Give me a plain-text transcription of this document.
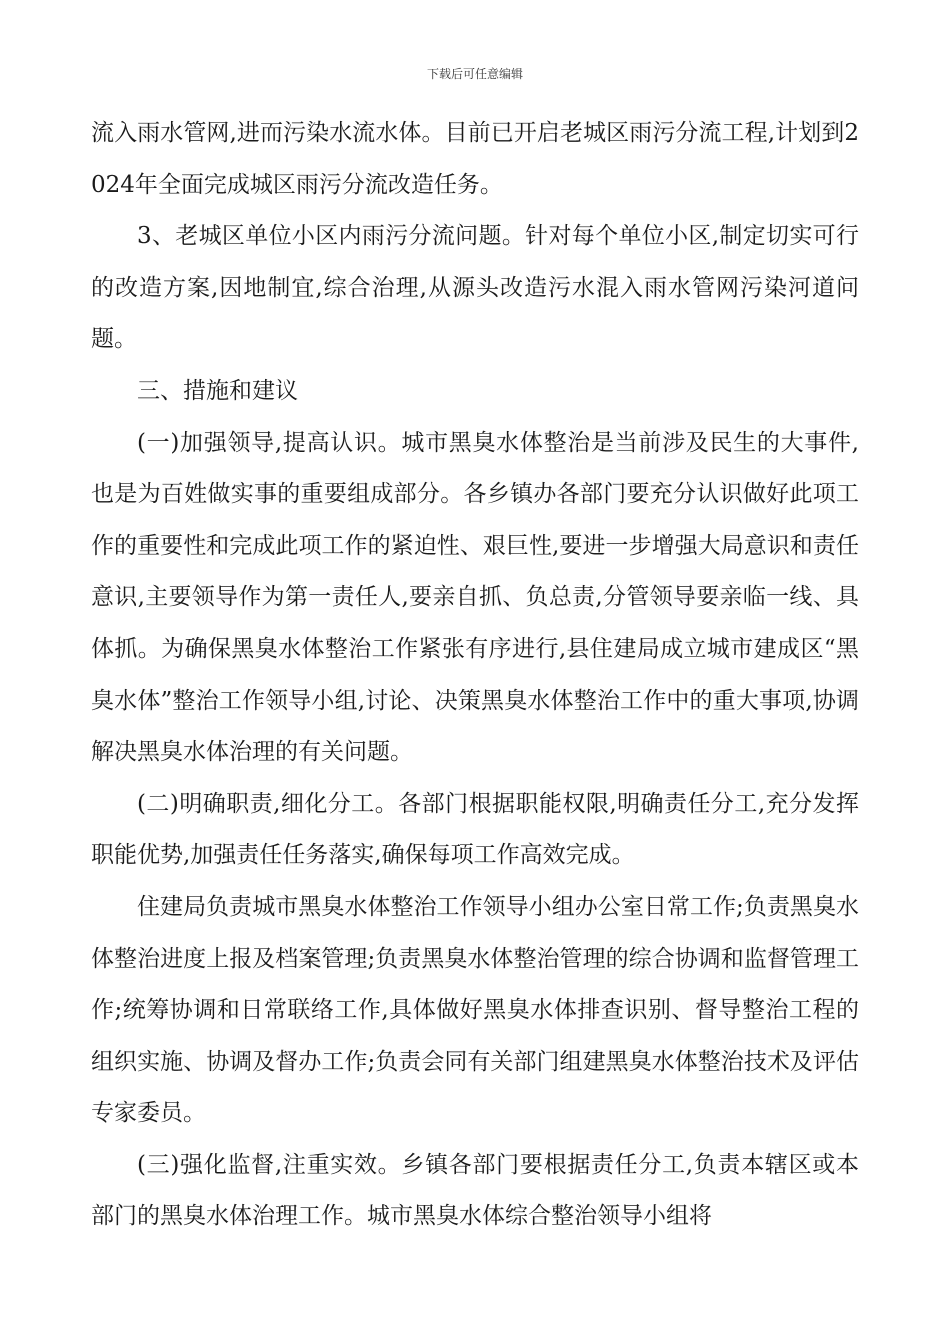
下载后可任意编辑

流入雨水管网,进而污染水流水体。目前已开启老城区雨污分流工程,计划到2024年全面完成城区雨污分流改造任务。

3、老城区单位小区内雨污分流问题。针对每个单位小区,制定切实可行的改造方案,因地制宜,综合治理,从源头改造污水混入雨水管网污染河道问题。

三、措施和建议

(一)加强领导,提高认识。城市黑臭水体整治是当前涉及民生的大事件,也是为百姓做实事的重要组成部分。各乡镇办各部门要充分认识做好此项工作的重要性和完成此项工作的紧迫性、艰巨性,要进一步增强大局意识和责任意识,主要领导作为第一责任人,要亲自抓、负总责,分管领导要亲临一线、具体抓。为确保黑臭水体整治工作紧张有序进行,县住建局成立城市建成区“黑臭水体”整治工作领导小组,讨论、决策黑臭水体整治工作中的重大事项,协调解决黑臭水体治理的有关问题。

(二)明确职责,细化分工。各部门根据职能权限,明确责任分工,充分发挥职能优势,加强责任任务落实,确保每项工作高效完成。

住建局负责城市黑臭水体整治工作领导小组办公室日常工作;负责黑臭水体整治进度上报及档案管理;负责黑臭水体整治管理的综合协调和监督管理工作;统筹协调和日常联络工作,具体做好黑臭水体排查识别、督导整治工程的组织实施、协调及督办工作;负责会同有关部门组建黑臭水体整治技术及评估专家委员。

(三)强化监督,注重实效。乡镇各部门要根据责任分工,负责本辖区或本部门的黑臭水体治理工作。城市黑臭水体综合整治领导小组将
